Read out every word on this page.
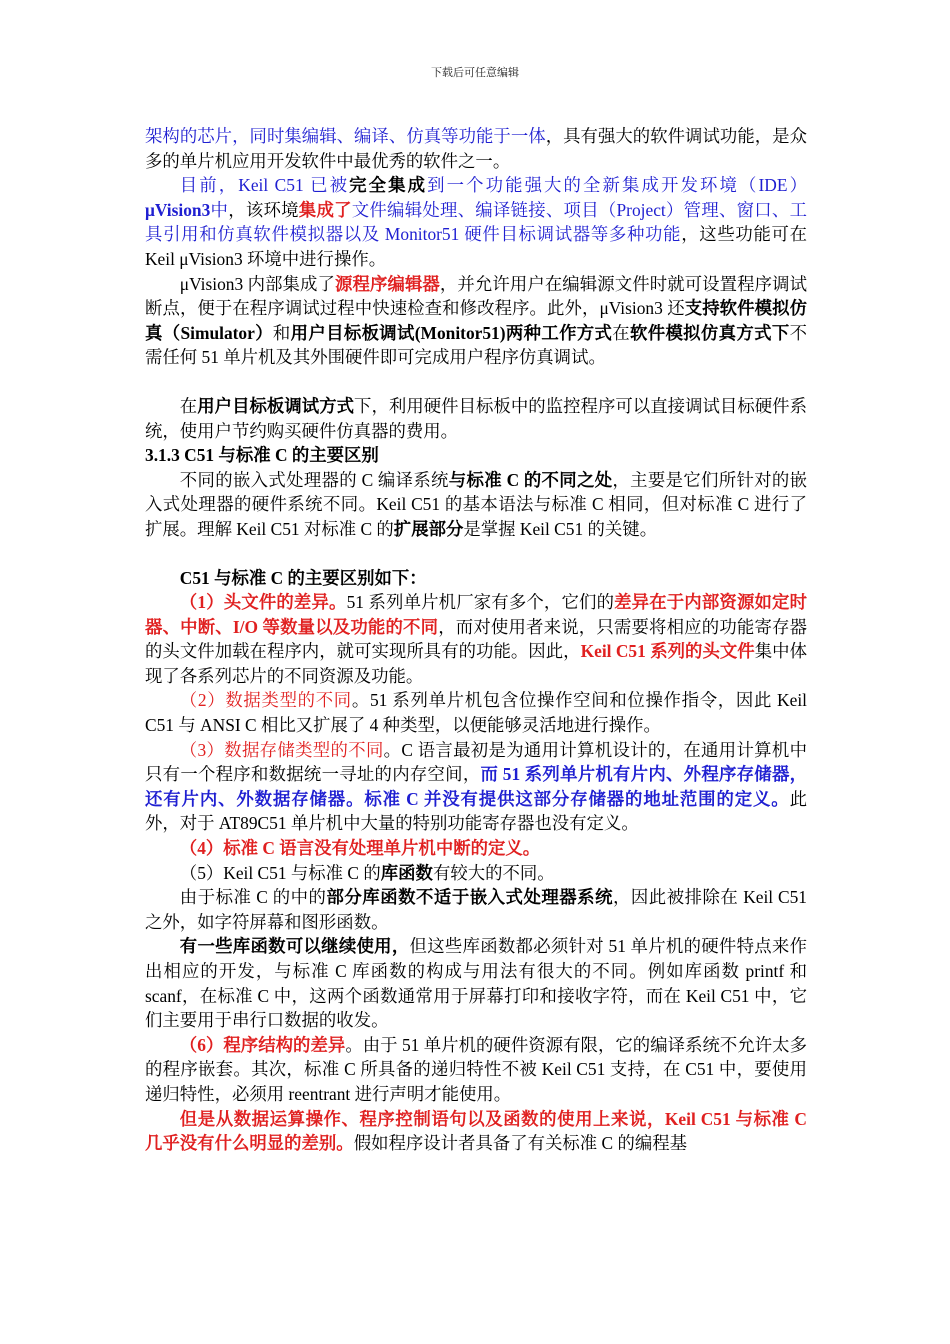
下载后可任意编辑

架构的芯片，同时集编辑、编译、仿真等功能于一体，具有强大的软件调试功能，是众多的单片机应用开发软件中最优秀的软件之一。

目前，Keil C51 已被完全集成到一个功能强大的全新集成开发环境（IDE）μVision3中，该环境集成了文件编辑处理、编译链接、项目（Project）管理、窗口、工具引用和仿真软件模拟器以及 Monitor51 硬件目标调试器等多种功能，这些功能可在 Keil μVision3 环境中进行操作。

μVision3 内部集成了源程序编辑器，并允许用户在编辑源文件时就可设置程序调试断点，便于在程序调试过程中快速检查和修改程序。此外，μVision3 还支持软件模拟仿真（Simulator）和用户目标板调试(Monitor51)两种工作方式在软件模拟仿真方式下不需任何 51 单片机及其外围硬件即可完成用户程序仿真调试。

在用户目标板调试方式下，利用硬件目标板中的监控程序可以直接调试目标硬件系统，使用户节约购买硬件仿真器的费用。

3.1.3 C51 与标准 C 的主要区别

不同的嵌入式处理器的 C 编译系统与标准 C 的不同之处，主要是它们所针对的嵌入式处理器的硬件系统不同。Keil C51 的基本语法与标准 C 相同，但对标准 C 进行了扩展。理解 Keil C51 对标准 C 的扩展部分是掌握 Keil C51 的关键。

C51 与标准 C 的主要区别如下：

（1）头文件的差异。51 系列单片机厂家有多个，它们的差异在于内部资源如定时器、中断、I/O 等数量以及功能的不同，而对使用者来说，只需要将相应的功能寄存器的头文件加载在程序内，就可实现所具有的功能。因此，Keil C51 系列的头文件集中体现了各系列芯片的不同资源及功能。

（2）数据类型的不同。51 系列单片机包含位操作空间和位操作指令，因此 Keil C51 与 ANSI C 相比又扩展了 4 种类型，以便能够灵活地进行操作。

（3）数据存储类型的不同。C 语言最初是为通用计算机设计的，在通用计算机中只有一个程序和数据统一寻址的内存空间，而 51 系列单片机有片内、外程序存储器，还有片内、外数据存储器。标准 C 并没有提供这部分存储器的地址范围的定义。此外，对于 AT89C51 单片机中大量的特别功能寄存器也没有定义。

（4）标准 C 语言没有处理单片机中断的定义。

（5）Keil C51 与标准 C 的库函数有较大的不同。

由于标准 C 的中的部分库函数不适于嵌入式处理器系统，因此被排除在 Keil C51 之外，如字符屏幕和图形函数。

有一些库函数可以继续使用，但这些库函数都必须针对 51 单片机的硬件特点来作出相应的开发，与标准 C 库函数的构成与用法有很大的不同。例如库函数 printf 和 scanf，在标准 C 中，这两个函数通常用于屏幕打印和接收字符，而在 Keil C51 中，它们主要用于串行口数据的收发。

（6）程序结构的差异。由于 51 单片机的硬件资源有限，它的编译系统不允许太多的程序嵌套。其次，标准 C 所具备的递归特性不被 Keil C51 支持，在 C51 中，要使用递归特性，必须用 reentrant 进行声明才能使用。

但是从数据运算操作、程序控制语句以及函数的使用上来说，Keil C51 与标准 C 几乎没有什么明显的差别。假如程序设计者具备了有关标准 C 的编程基
